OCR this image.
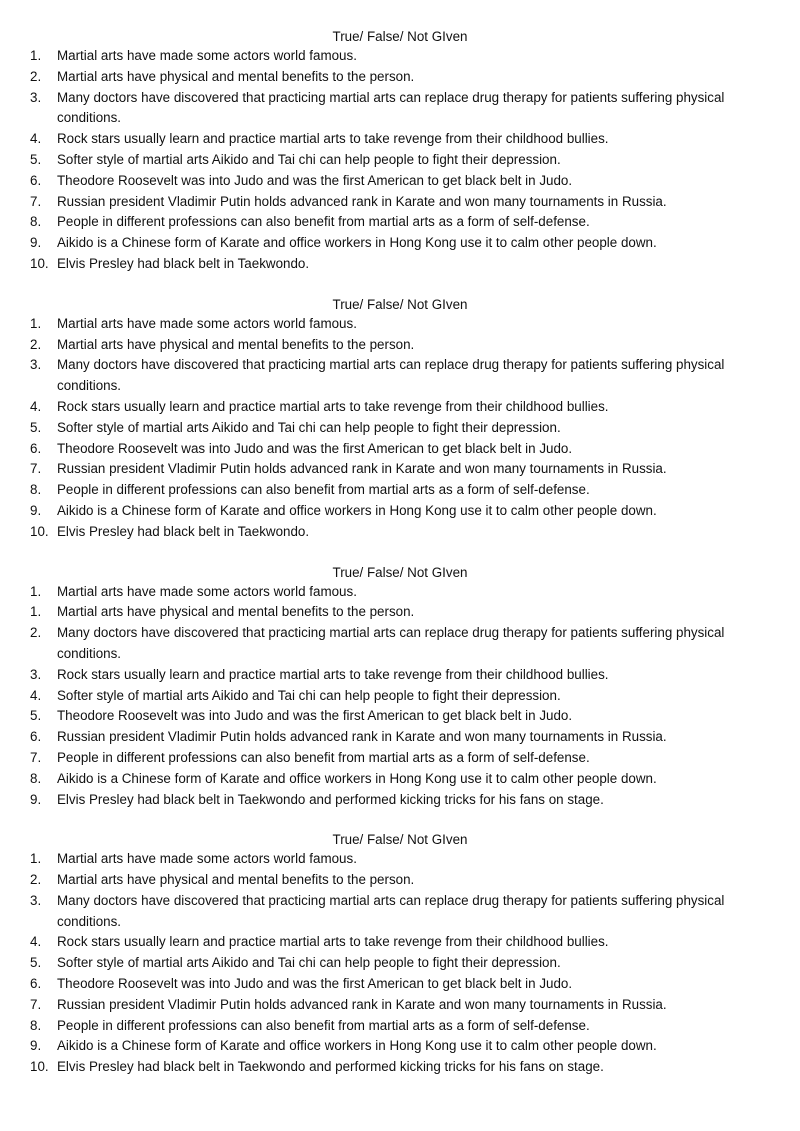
True/ False/ Not GIven
1.	Martial arts have made some actors world famous.
2.	Martial arts have physical and mental benefits to the person.
3.	Many doctors have discovered that practicing martial arts can replace drug therapy for patients suffering physical conditions.
4.	Rock stars usually learn and practice martial arts to take revenge from their childhood bullies.
5.	Softer style of martial arts Aikido and Tai chi can help people to fight their depression.
6.	Theodore Roosevelt was into Judo and was the first American to get black belt in Judo.
7.	Russian president Vladimir Putin holds advanced rank in Karate and won many tournaments in Russia.
8.	People in different professions can also benefit from martial arts as a form of self-defense.
9.	Aikido is a Chinese form of Karate and office workers in Hong Kong use it to calm other people down.
10. Elvis Presley had black belt in Taekwondo.
True/ False/ Not GIven
1.	Martial arts have made some actors world famous.
2.	Martial arts have physical and mental benefits to the person.
3.	Many doctors have discovered that practicing martial arts can replace drug therapy for patients suffering physical conditions.
4.	Rock stars usually learn and practice martial arts to take revenge from their childhood bullies.
5.	Softer style of martial arts Aikido and Tai chi can help people to fight their depression.
6.	Theodore Roosevelt was into Judo and was the first American to get black belt in Judo.
7.	Russian president Vladimir Putin holds advanced rank in Karate and won many tournaments in Russia.
8.	People in different professions can also benefit from martial arts as a form of self-defense.
9.	Aikido is a Chinese form of Karate and office workers in Hong Kong use it to calm other people down.
10. Elvis Presley had black belt in Taekwondo.
True/ False/ Not GIven
1.	Martial arts have made some actors world famous.
1.	Martial arts have physical and mental benefits to the person.
2.	Many doctors have discovered that practicing martial arts can replace drug therapy for patients suffering physical conditions.
3.	Rock stars usually learn and practice martial arts to take revenge from their childhood bullies.
4.	Softer style of martial arts Aikido and Tai chi can help people to fight their depression.
5.	Theodore Roosevelt was into Judo and was the first American to get black belt in Judo.
6.	Russian president Vladimir Putin holds advanced rank in Karate and won many tournaments in Russia.
7.	People in different professions can also benefit from martial arts as a form of self-defense.
8.	Aikido is a Chinese form of Karate and office workers in Hong Kong use it to calm other people down.
9.	Elvis Presley had black belt in Taekwondo and performed kicking tricks for his fans on stage.
True/ False/ Not GIven
1.	Martial arts have made some actors world famous.
2.	Martial arts have physical and mental benefits to the person.
3.	Many doctors have discovered that practicing martial arts can replace drug therapy for patients suffering physical conditions.
4.	Rock stars usually learn and practice martial arts to take revenge from their childhood bullies.
5.	Softer style of martial arts Aikido and Tai chi can help people to fight their depression.
6.	Theodore Roosevelt was into Judo and was the first American to get black belt in Judo.
7.	Russian president Vladimir Putin holds advanced rank in Karate and won many tournaments in Russia.
8.	People in different professions can also benefit from martial arts as a form of self-defense.
9.	Aikido is a Chinese form of Karate and office workers in Hong Kong use it to calm other people down.
10. Elvis Presley had black belt in Taekwondo and performed kicking tricks for his fans on stage.
